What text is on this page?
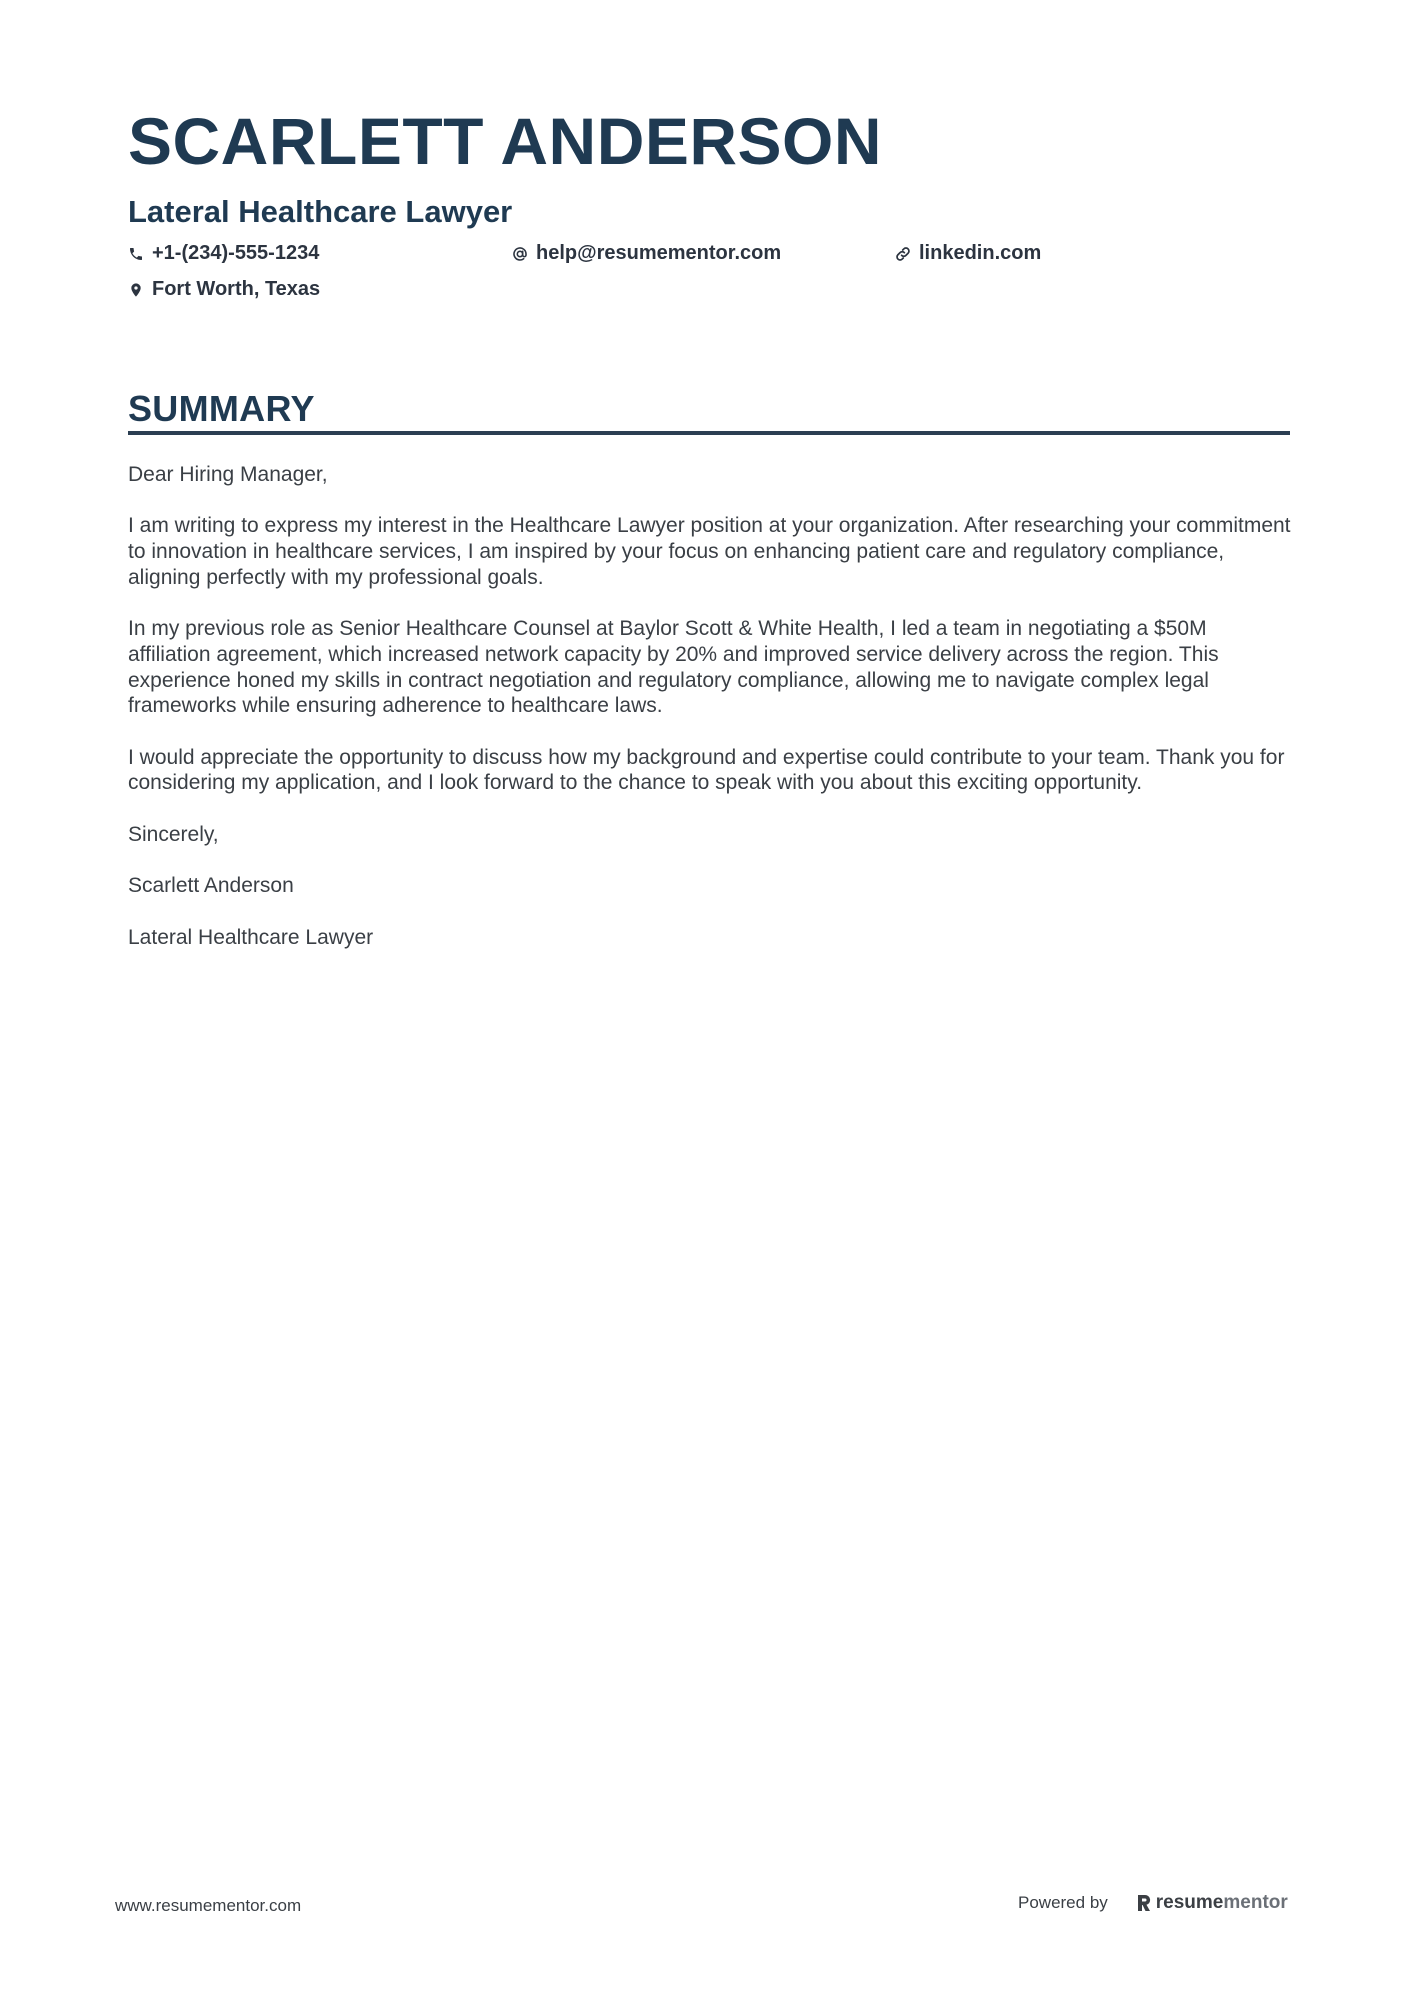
SCARLETT ANDERSON
Lateral Healthcare Lawyer
+1-(234)-555-1234	help@resumementor.com	linkedin.com
Fort Worth, Texas
SUMMARY

Dear Hiring Manager,

I am writing to express my interest in the Healthcare Lawyer position at your organization. After researching your commitment to innovation in healthcare services, I am inspired by your focus on enhancing patient care and regulatory compliance, aligning perfectly with my professional goals.

In my previous role as Senior Healthcare Counsel at Baylor Scott & White Health, I led a team in negotiating a $50M affiliation agreement, which increased network capacity by 20% and improved service delivery across the region. This experience honed my skills in contract negotiation and regulatory compliance, allowing me to navigate complex legal frameworks while ensuring adherence to healthcare laws.

I would appreciate the opportunity to discuss how my background and expertise could contribute to your team. Thank you for considering my application, and I look forward to the chance to speak with you about this exciting opportunity.

Sincerely,

Scarlett Anderson

Lateral Healthcare Lawyer

www.resumementor.com	Powered by	resume mentor
